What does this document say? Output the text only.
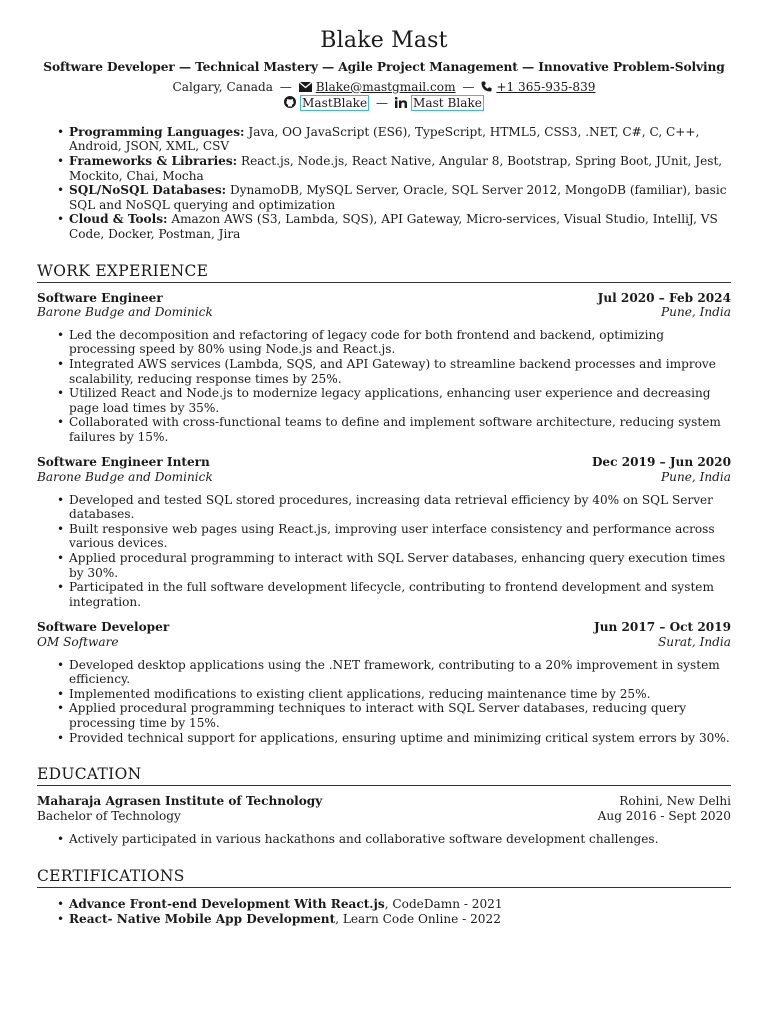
Blake Mast
Software Developer — Technical Mastery — Agile Project Management — Innovative Problem-Solving
Calgary, Canada — Blake@mastgmail.com — +1 365-935-839
MastBlake — Mast Blake
• Programming Languages: Java, OO JavaScript (ES6), TypeScript, HTML5, CSS3, .NET, C#, C, C++, Android, JSON, XML, CSV
• Frameworks & Libraries: React.js, Node.js, React Native, Angular 8, Bootstrap, Spring Boot, JUnit, Jest, Mockito, Chai, Mocha
• SQL/NoSQL Databases: DynamoDB, MySQL Server, Oracle, SQL Server 2012, MongoDB (familiar), basic SQL and NoSQL querying and optimization
• Cloud & Tools: Amazon AWS (S3, Lambda, SQS), API Gateway, Micro-services, Visual Studio, IntelliJ, VS Code, Docker, Postman, Jira
WORK EXPERIENCE
Software Engineer	Jul 2020 – Feb 2024
Barone Budge and Dominick	Pune, India
• Led the decomposition and refactoring of legacy code for both frontend and backend, optimizing processing speed by 80% using Node.js and React.js.
• Integrated AWS services (Lambda, SQS, and API Gateway) to streamline backend processes and improve scalability, reducing response times by 25%.
• Utilized React and Node.js to modernize legacy applications, enhancing user experience and decreasing page load times by 35%.
• Collaborated with cross-functional teams to define and implement software architecture, reducing system failures by 15%.
Software Engineer Intern	Dec 2019 – Jun 2020
Barone Budge and Dominick	Pune, India
• Developed and tested SQL stored procedures, increasing data retrieval efficiency by 40% on SQL Server databases.
• Built responsive web pages using React.js, improving user interface consistency and performance across various devices.
• Applied procedural programming to interact with SQL Server databases, enhancing query execution times by 30%.
• Participated in the full software development lifecycle, contributing to frontend development and system integration.
Software Developer	Jun 2017 – Oct 2019
OM Software	Surat, India
• Developed desktop applications using the .NET framework, contributing to a 20% improvement in system efficiency.
• Implemented modifications to existing client applications, reducing maintenance time by 25%.
• Applied procedural programming techniques to interact with SQL Server databases, reducing query processing time by 15%.
• Provided technical support for applications, ensuring uptime and minimizing critical system errors by 30%.
EDUCATION
Maharaja Agrasen Institute of Technology	Rohini, New Delhi
Bachelor of Technology	Aug 2016 - Sept 2020
• Actively participated in various hackathons and collaborative software development challenges.
CERTIFICATIONS
• Advance Front-end Development With React.js, CodeDamn - 2021
• React- Native Mobile App Development, Learn Code Online - 2022
